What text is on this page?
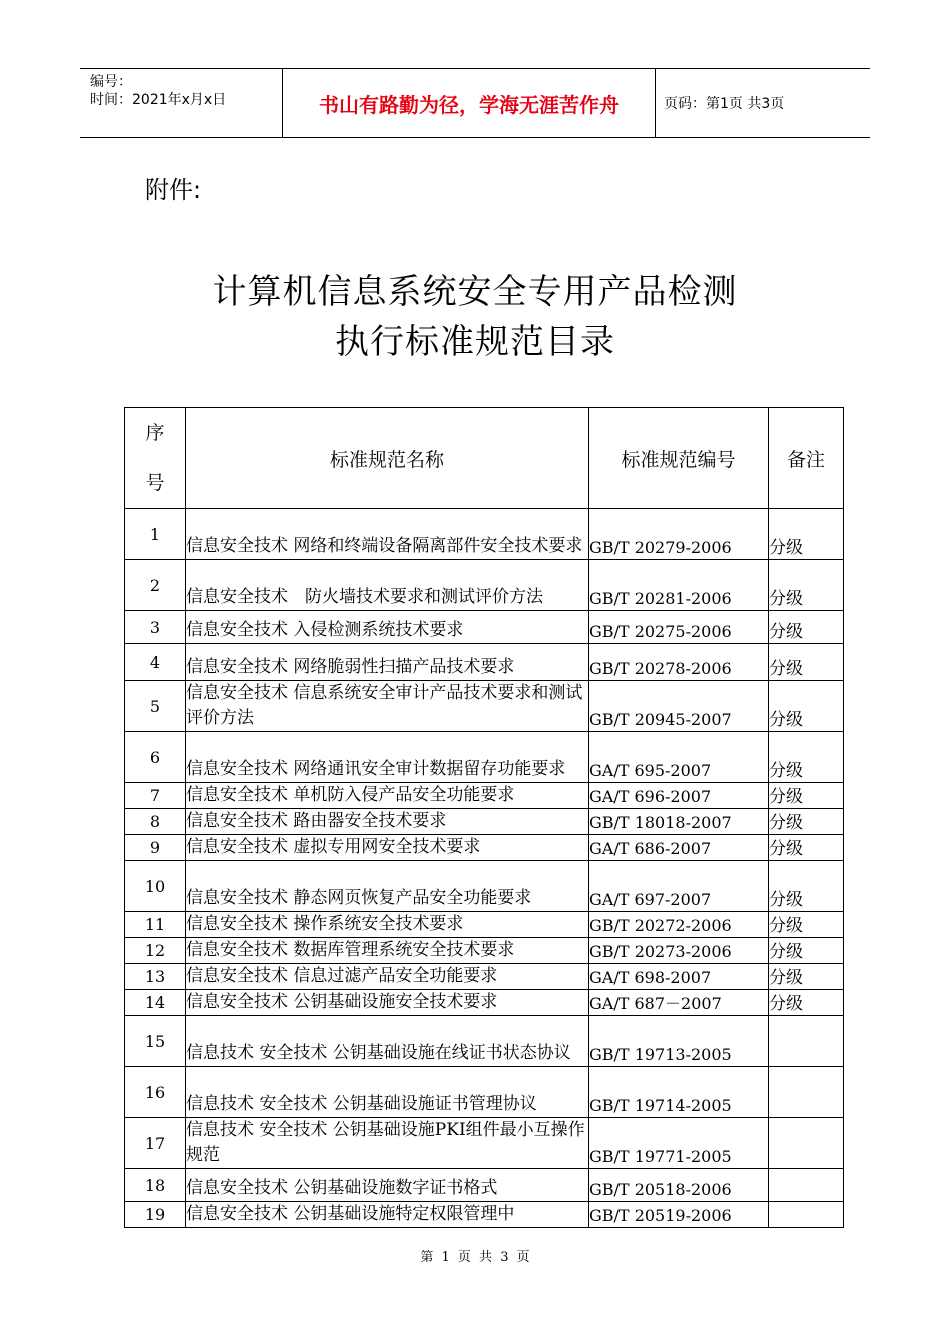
编号：
时间：2021年x月x日	书山有路勤为径，学海无涯苦作舟	页码：第1页 共3页
附件:
计算机信息系统安全专用产品检测
执行标准规范目录
序
号	标准规范名称	标准规范编号	备注
1	信息安全技术 网络和终端设备隔离部件安全技术要求	GB/T 20279-2006	分级
2	信息安全技术　防火墙技术要求和测试评价方法	GB/T 20281-2006	分级
3	信息安全技术 入侵检测系统技术要求	GB/T 20275-2006	分级
4	信息安全技术 网络脆弱性扫描产品技术要求	GB/T 20278-2006	分级
5	信息安全技术 信息系统安全审计产品技术要求和测试评价方法	GB/T 20945-2007	分级
6	信息安全技术 网络通讯安全审计数据留存功能要求	GA/T 695-2007	分级
7	信息安全技术 单机防入侵产品安全功能要求	GA/T 696-2007	分级
8	信息安全技术 路由器安全技术要求	GB/T 18018-2007	分级
9	信息安全技术 虚拟专用网安全技术要求	GA/T 686-2007	分级
10	信息安全技术 静态网页恢复产品安全功能要求	GA/T 697-2007	分级
11	信息安全技术 操作系统安全技术要求	GB/T 20272-2006	分级
12	信息安全技术 数据库管理系统安全技术要求	GB/T 20273-2006	分级
13	信息安全技术 信息过滤产品安全功能要求	GA/T 698-2007	分级
14	信息安全技术 公钥基础设施安全技术要求	GA/T 687－2007	分级
15	信息技术 安全技术 公钥基础设施在线证书状态协议	GB/T 19713-2005	
16	信息技术 安全技术 公钥基础设施证书管理协议	GB/T 19714-2005	
17	信息技术 安全技术 公钥基础设施PKI组件最小互操作规范	GB/T 19771-2005	
18	信息安全技术 公钥基础设施数字证书格式	GB/T 20518-2006	
19	信息安全技术 公钥基础设施特定权限管理中	GB/T 20519-2006	
第 1 页 共 3 页
